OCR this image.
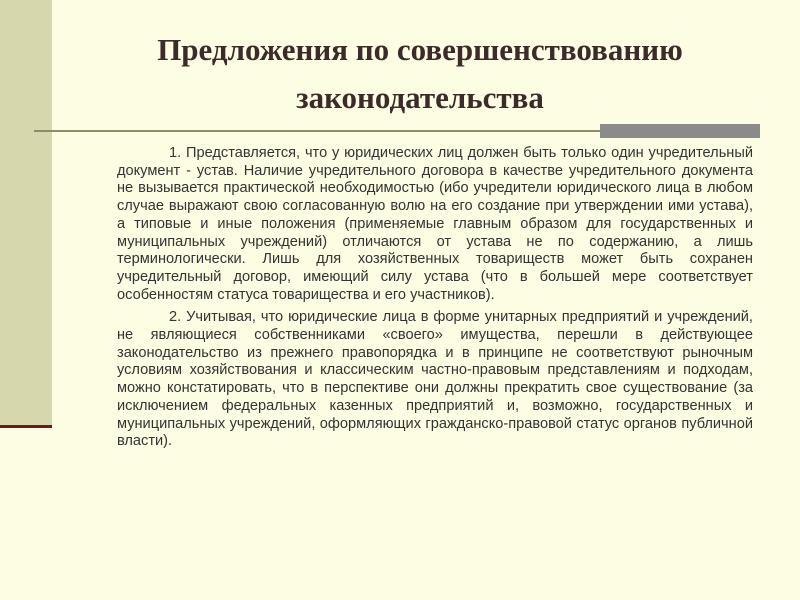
Предложения по совершенствованию
законодательства

1. Представляется, что у юридических лиц должен быть только один учредительный документ - устав. Наличие учредительного договора в качестве учредительного документа не вызывается практической необходимостью (ибо учредители юридического лица в любом случае выражают свою согласованную волю на его создание при утверждении ими устава), а типовые и иные положения (применяемые главным образом для государственных и муниципальных учреждений) отличаются от устава не по содержанию, а лишь терминологически. Лишь для хозяйственных товариществ может быть сохранен учредительный договор, имеющий силу устава (что в большей мере соответствует особенностям статуса товарищества и его участников).

2. Учитывая, что юридические лица в форме унитарных предприятий и учреждений, не являющиеся собственниками «своего» имущества, перешли в действующее законодательство из прежнего правопорядка и в принципе не соответствуют рыночным условиям хозяйствования и классическим частно-правовым представлениям и подходам, можно констатировать, что в перспективе они должны прекратить свое существование (за исключением федеральных казенных предприятий и, возможно, государственных и муниципальных учреждений, оформляющих гражданско-правовой статус органов публичной власти).
